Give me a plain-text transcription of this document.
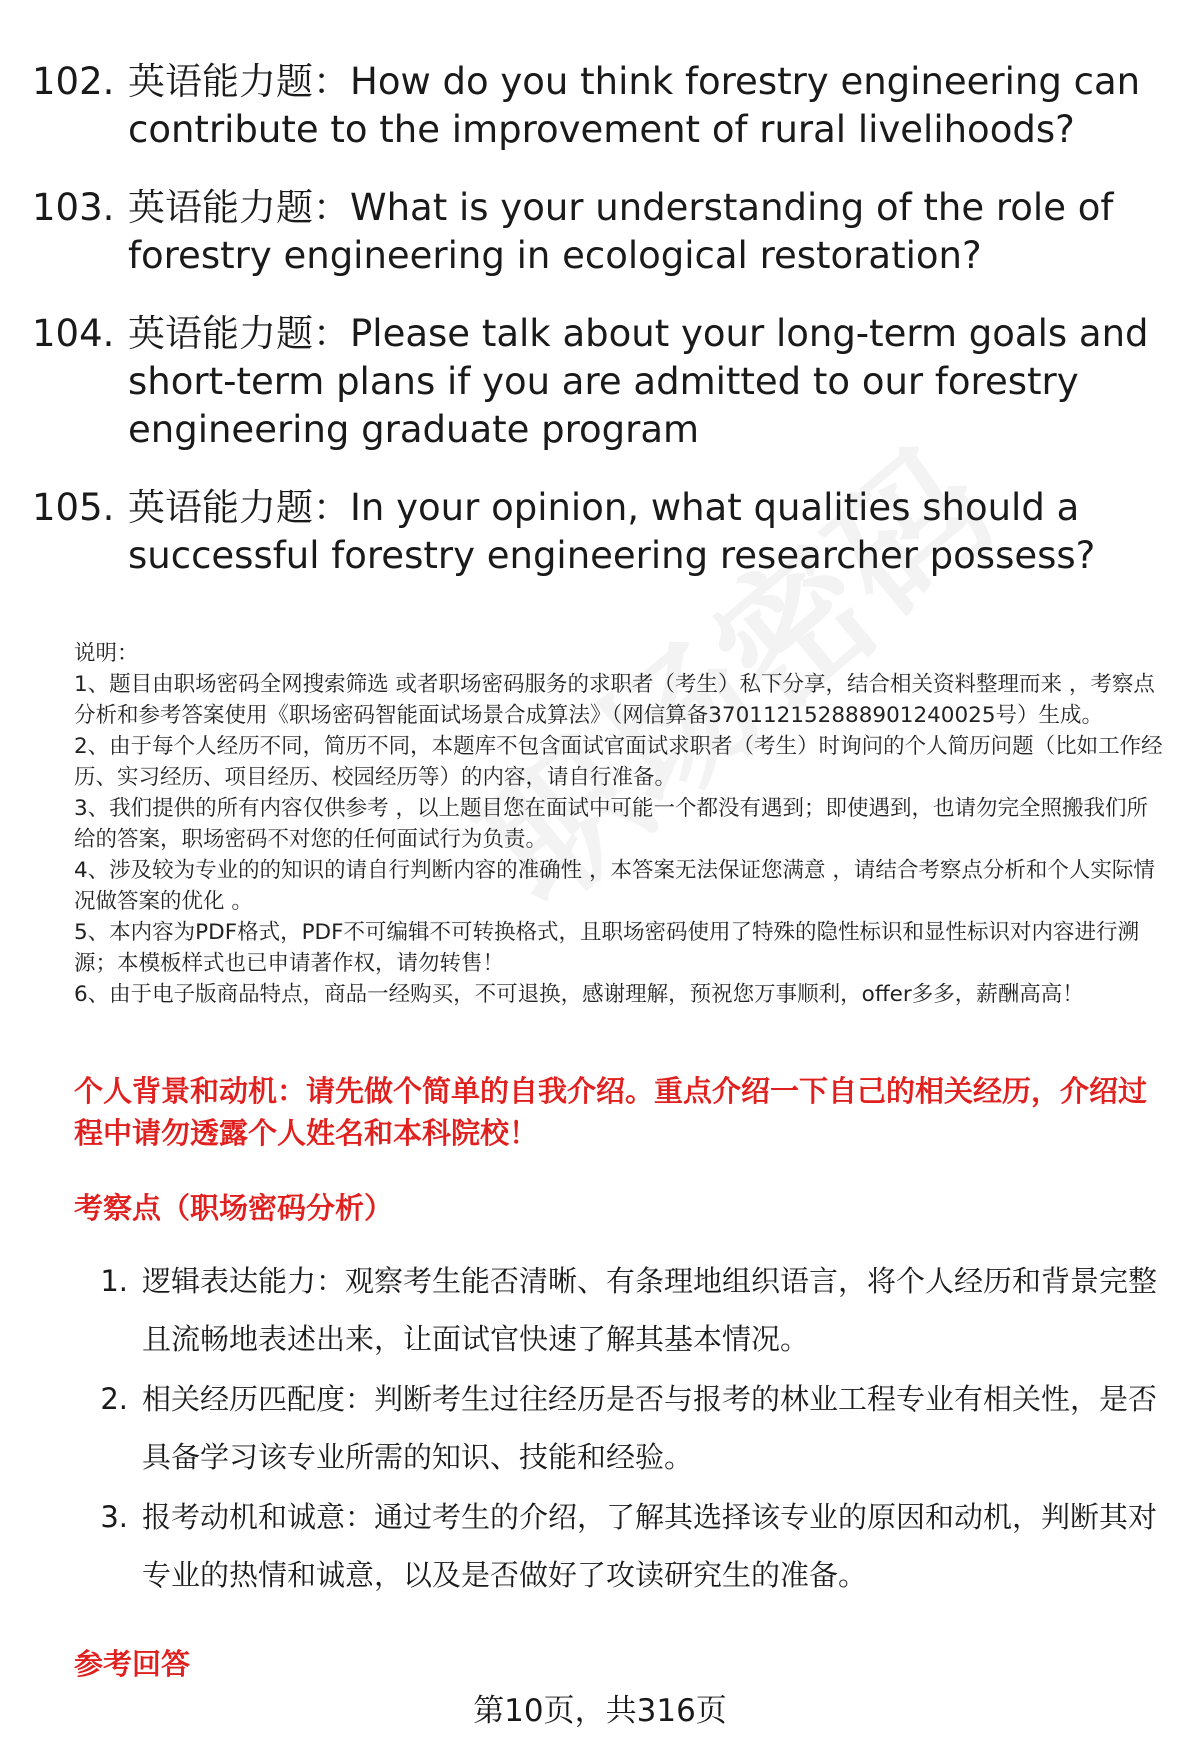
102. 英语能力题：How do you think forestry engineering can contribute to the improvement of rural livelihoods?
103. 英语能力题：What is your understanding of the role of forestry engineering in ecological restoration?
104. 英语能力题：Please talk about your long-term goals and short-term plans if you are admitted to our forestry engineering graduate program
105. 英语能力题：In your opinion, what qualities should a successful forestry engineering researcher possess?

说明：

1、题目由职场密码全网搜索筛选 或者职场密码服务的求职者（考生）私下分享，结合相关资料整理而来 ，考察点分析和参考答案使用《职场密码智能面试场景合成算法》（网信算备370112152888901240025号）生成。

2、由于每个人经历不同，简历不同，本题库不包含面试官面试求职者（考生）时询问的个人简历问题（比如工作经历、实习经历、项目经历、校园经历等）的内容，请自行准备。

3、我们提供的所有内容仅供参考 ，以上题目您在面试中可能一个都没有遇到；即使遇到，也请勿完全照搬我们所给的答案，职场密码不对您的任何面试行为负责。

4、涉及较为专业的的知识的请自行判断内容的准确性 ，本答案无法保证您满意 ，请结合考察点分析和个人实际情况做答案的优化 。

5、本内容为PDF格式，PDF不可编辑不可转换格式，且职场密码使用了特殊的隐性标识和显性标识对内容进行溯源；本模板样式也已申请著作权，请勿转售！

6、由于电子版商品特点，商品一经购买，不可退换，感谢理解，预祝您万事顺利，offer多多，薪酬高高！

个人背景和动机：请先做个简单的自我介绍。重点介绍一下自己的相关经历，介绍过程中请勿透露个人姓名和本科院校！
考察点（职场密码分析）
1. 逻辑表达能力：观察考生能否清晰、有条理地组织语言，将个人经历和背景完整且流畅地表述出来，让面试官快速了解其基本情况。
2. 相关经历匹配度：判断考生过往经历是否与报考的林业工程专业有相关性，是否具备学习该专业所需的知识、技能和经验。
3. 报考动机和诚意：通过考生的介绍，了解其选择该专业的原因和动机，判断其对专业的热情和诚意，以及是否做好了攻读研究生的准备。
参考回答
第10页，共316页
